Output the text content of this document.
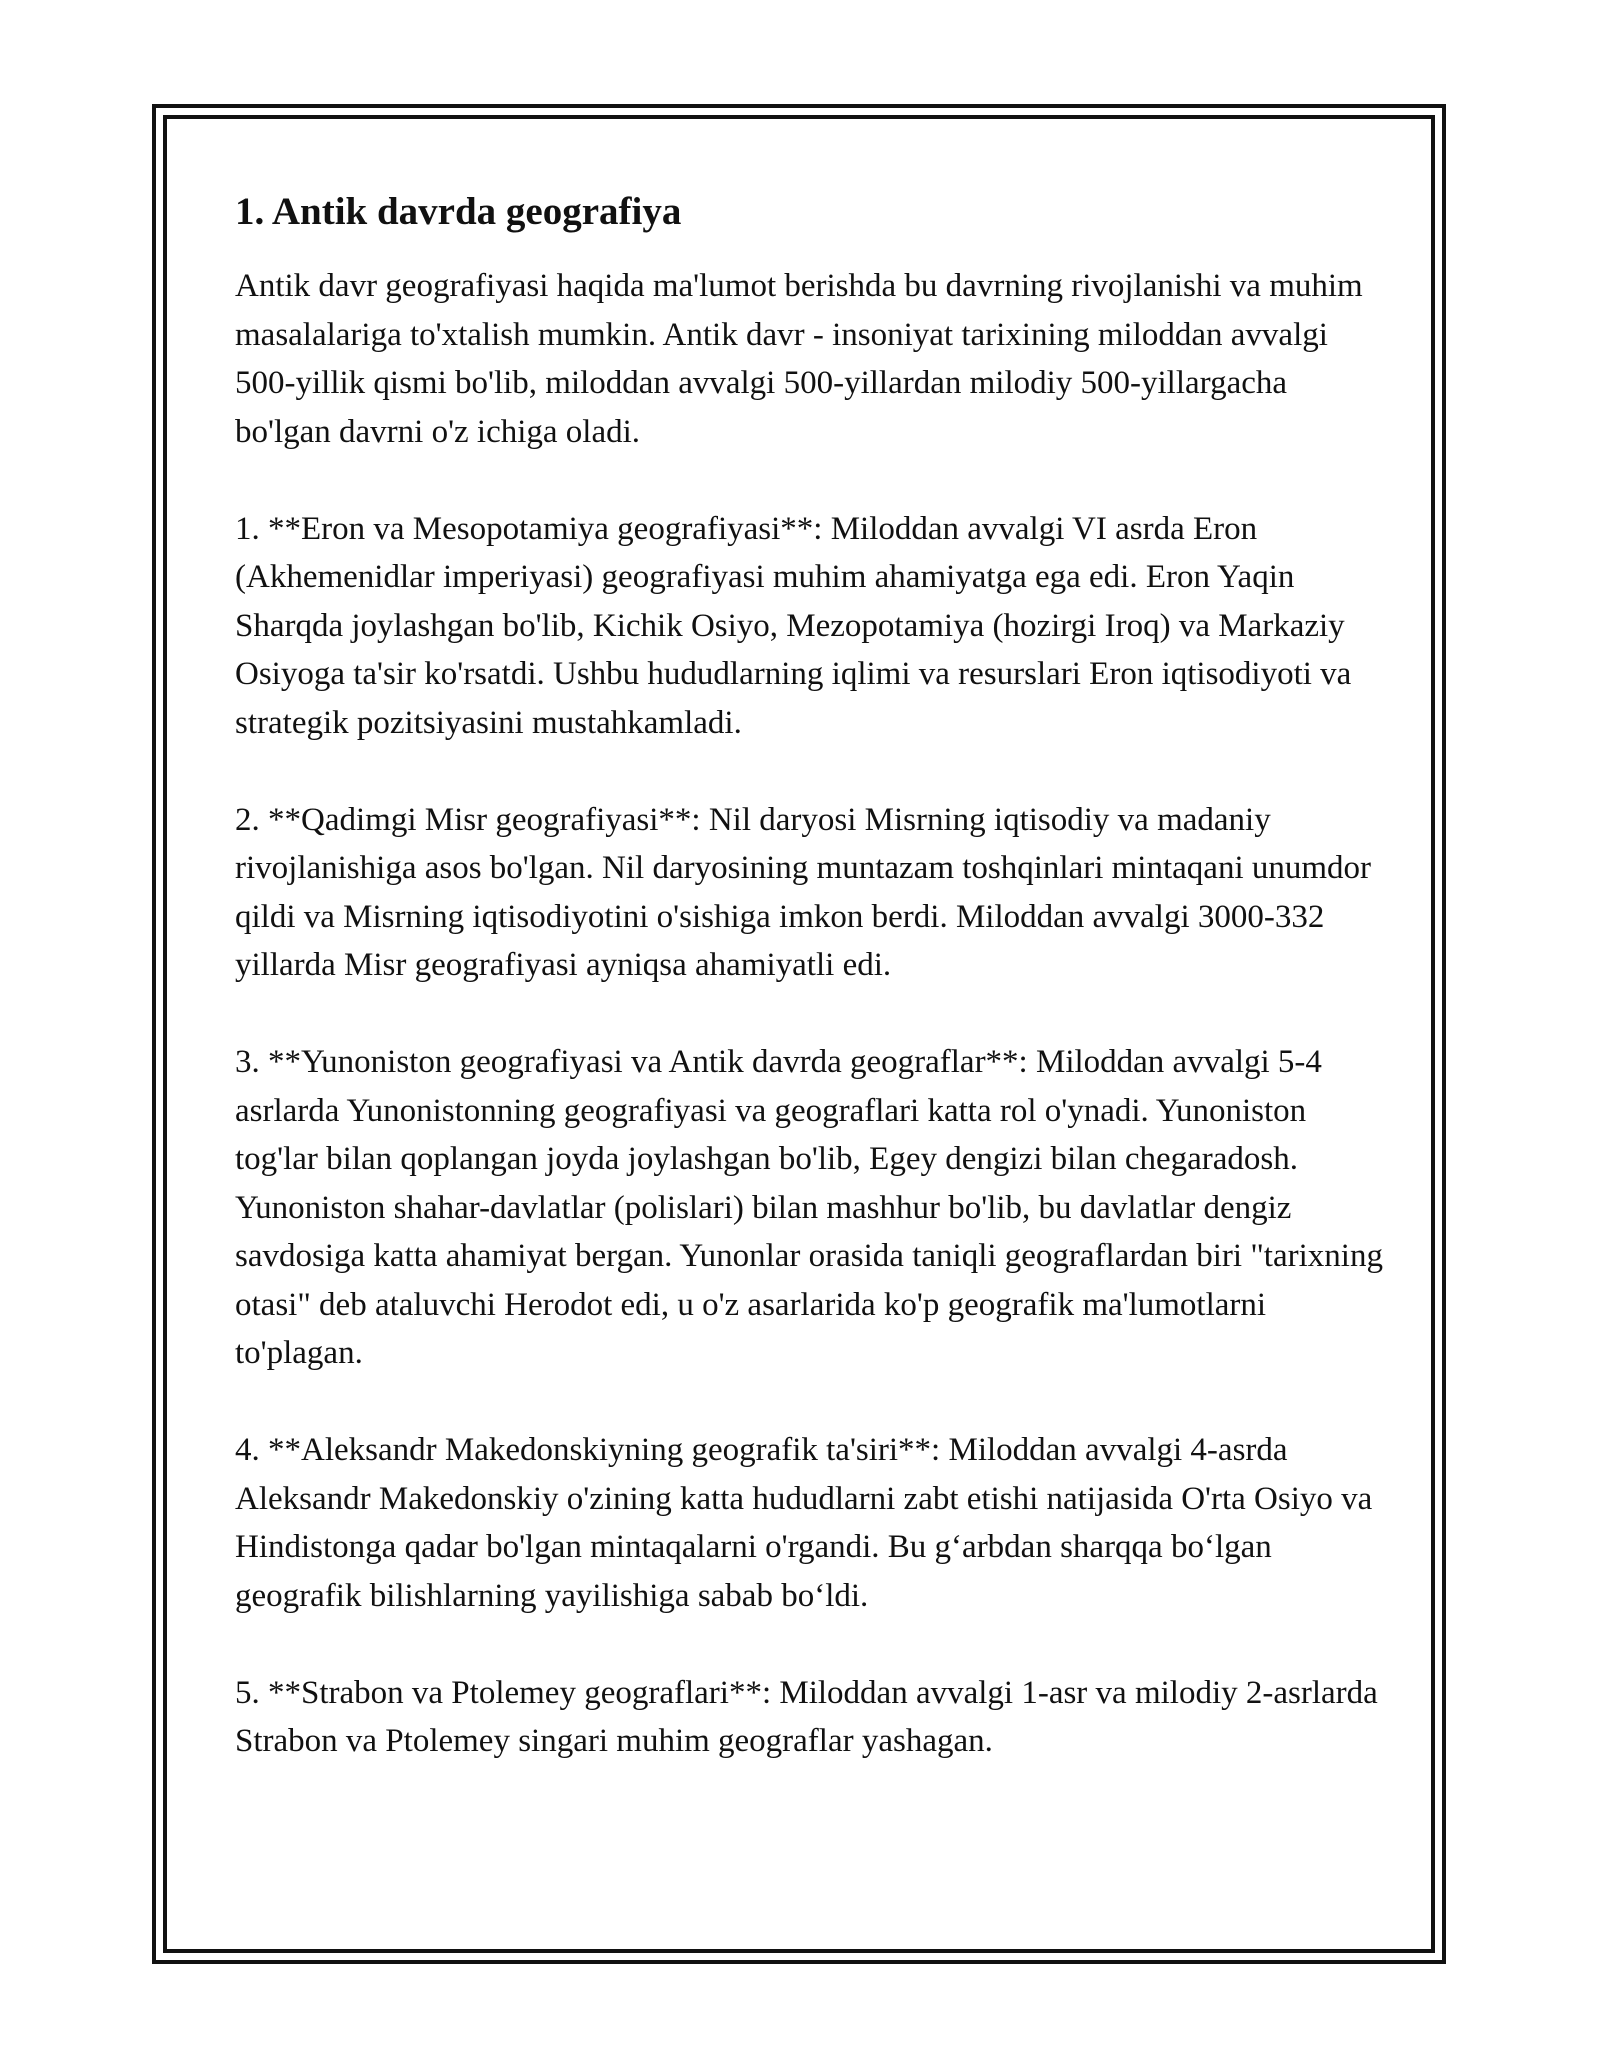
1. Antik davrda geografiya

Antik davr geografiyasi haqida ma'lumot berishda bu davrning rivojlanishi va muhim masalalariga to'xtalish mumkin. Antik davr - insoniyat tarixining miloddan avvalgi 500-yillik qismi bo'lib, miloddan avvalgi 500-yillardan milodiy 500-yillargacha bo'lgan davrni o'z ichiga oladi.

1. **Eron va Mesopotamiya geografiyasi**: Miloddan avvalgi VI asrda Eron (Akhemenidlar imperiyasi) geografiyasi muhim ahamiyatga ega edi. Eron Yaqin Sharqda joylashgan bo'lib, Kichik Osiyo, Mezopotamiya (hozirgi Iroq) va Markaziy Osiyoga ta'sir ko'rsatdi. Ushbu hududlarning iqlimi va resurslari Eron iqtisodiyoti va strategik pozitsiyasini mustahkamladi.

2. **Qadimgi Misr geografiyasi**: Nil daryosi Misrning iqtisodiy va madaniy rivojlanishiga asos bo'lgan. Nil daryosining muntazam toshqinlari mintaqani unumdor qildi va Misrning iqtisodiyotini o'sishiga imkon berdi. Miloddan avvalgi 3000-332 yillarda Misr geografiyasi ayniqsa ahamiyatli edi.

3. **Yunoniston geografiyasi va Antik davrda geograflar**: Miloddan avvalgi 5-4 asrlarda Yunonistonning geografiyasi va geograflari katta rol o'ynadi. Yunoniston tog'lar bilan qoplangan joyda joylashgan bo'lib, Egey dengizi bilan chegaradosh. Yunoniston shahar-davlatlar (polislari) bilan mashhur bo'lib, bu davlatlar dengiz savdosiga katta ahamiyat bergan. Yunonlar orasida taniqli geograflardan biri "tarixning otasi" deb ataluvchi Herodot edi, u o'z asarlarida ko'p geografik ma'lumotlarni to'plagan.

4. **Aleksandr Makedonskiyning geografik ta'siri**: Miloddan avvalgi 4-asrda Aleksandr Makedonskiy o'zining katta hududlarni zabt etishi natijasida O'rta Osiyo va Hindistonga qadar bo'lgan mintaqalarni o'rgandi. Bu g‘arbdan sharqqa bo‘lgan geografik bilishlarning yayilishiga sabab bo‘ldi.

5. **Strabon va Ptolemey geograflari**: Miloddan avvalgi 1-asr va milodiy 2-asrlarda Strabon va Ptolemey singari muhim geograflar yashagan.
